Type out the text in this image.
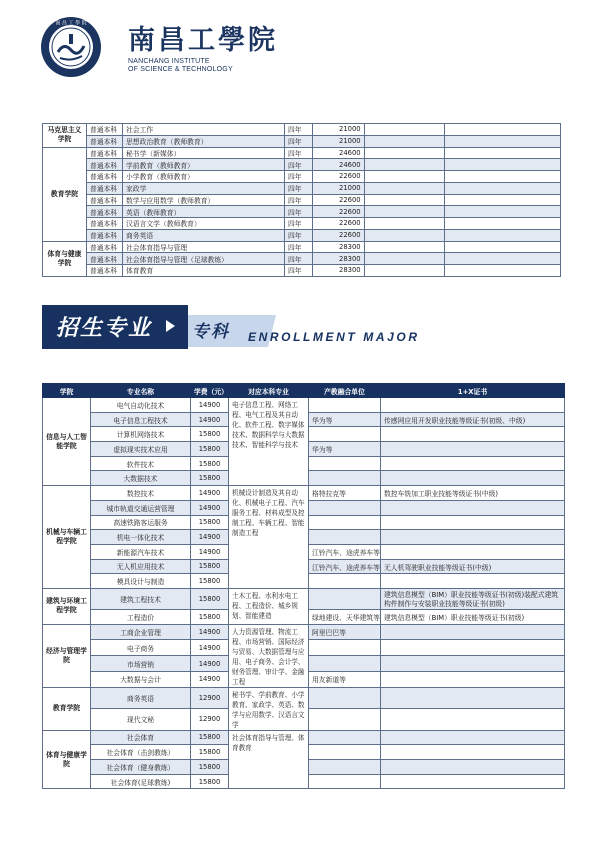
南 昌 工 學 院
南昌工學院
NANCHANG INSTITUTE
OF SCIENCE & TECHNOLOGY
马克思主义学院	普通本科	社会工作	四年	21000		
	普通本科	思想政治教育（教师教育）	四年	21000		
教育学院	普通本科	秘书学（新媒体）	四年	24600		
	普通本科	学前教育（教师教育）	四年	24600		
	普通本科	小学教育（教师教育）	四年	22600		
	普通本科	家政学	四年	21000		
	普通本科	数学与应用数学（教师教育）	四年	22600		
	普通本科	英语（教师教育）	四年	22600		
	普通本科	汉语言文学（教师教育）	四年	22600		
	普通本科	商务英语	四年	22600		
体育与健康学院	普通本科	社会体育指导与管理	四年	28300		
	普通本科	社会体育指导与管理（足球教练）	四年	28300		
	普通本科	体育教育	四年	28300		
招生专业 专科 ENROLLMENT MAJOR
学院	专业名称	学费（元）	对应本科专业	产教融合单位	1+X证书
信息与人工智能学院	电气自动化技术	14900	电子信息工程、网络工程、电气工程及其自动化、软件工程、数字媒体技术、数据科学与大数据技术、智能科学与技术		
	电子信息工程技术	14900		华为等	传感网应用开发职业技能等级证书(初级、中级)
	计算机网络技术	15800			
	虚拟现实技术应用	15800		华为等	
	软件技术	15800			
	大数据技术	15800			
机械与车辆工程学院	数控技术	14900	机械设计制造及其自动化、机械电子工程、汽车服务工程、材料成型及控制工程、车辆工程、智能制造工程	格特拉克等	数控车铣加工职业技能等级证书(中级)
	城市轨道交通运营管理	14900			
	高速铁路客运服务	15800			
	机电一体化技术	14900			
	新能源汽车技术	14900		江铃汽车、途虎养车等	
	无人机应用技术	15800		江铃汽车、途虎养车等	无人机驾驶职业技能等级证书(中级)
	模具设计与制造	15800			
建筑与环境工程学院	建筑工程技术	15800	土木工程、水利水电工程、工程造价、城乡规划、智能建造		建筑信息模型（BIM）职业技能等级证书(初级)装配式建筑构件制作与安装职业技能等级证书(初级)
	工程造价	15800		绿地建设、天华建筑等	建筑信息模型（BIM）职业技能等级证书(初级)
经济与管理学院	工商企业管理	14900	人力资源管理、物流工程、市场营销、国际经济与贸易、大数据管理与应用、电子商务、会计学、财务管理、审计学、金融工程	阿里巴巴等	
	电子商务	14900			
	市场营销	14900			
	大数据与会计	14900		用友新道等	
教育学院	商务英语	12900	秘书学、学前教育、小学教育、家政学、英语、数学与应用数学、汉语言文学		
	现代文秘	12900			
体育与健康学院	社会体育	15800	社会体育指导与管理、体育教育		
	社会体育（击剑教练）	15800			
	社会体育（健身教练）	15800			
	社会体育(足球教练)	15800			
